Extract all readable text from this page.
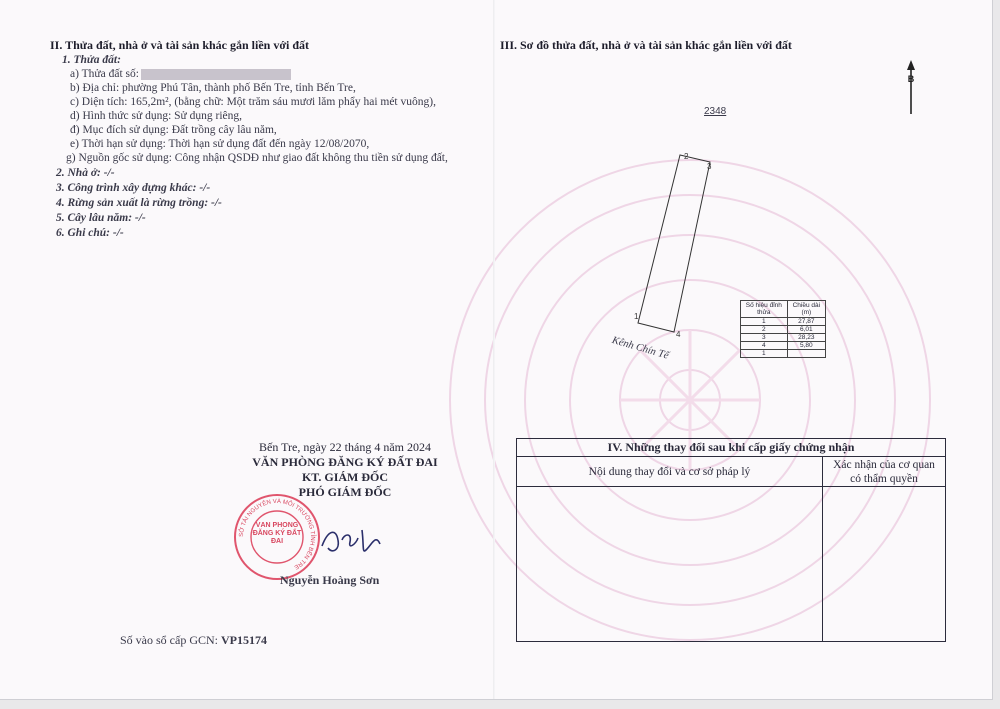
II. Thửa đất, nhà ở và tài sản khác gắn liền với đất
1. Thửa đất:
a) Thửa đất số:
b) Địa chỉ: phường Phú Tân, thành phố Bến Tre, tỉnh Bến Tre,
c) Diện tích: 165,2m², (bằng chữ: Một trăm sáu mươi lăm phẩy hai mét vuông),
d) Hình thức sử dụng: Sử dụng riêng,
đ) Mục đích sử dụng: Đất trồng cây lâu năm,
e) Thời hạn sử dụng: Thời hạn sử dụng đất đến ngày 12/08/2070,
g) Nguồn gốc sử dụng: Công nhận QSDĐ như giao đất không thu tiền sử dụng đất,
2. Nhà ở: -/-
3. Công trình xây dựng khác: -/-
4. Rừng sản xuất là rừng trồng: -/-
5. Cây lâu năm: -/-
6. Ghi chú: -/-
Bến Tre, ngày 22 tháng 4 năm 2024
VĂN PHÒNG ĐĂNG KÝ ĐẤT ĐAI
KT. GIÁM ĐỐC
PHÓ GIÁM ĐỐC
SỞ TÀI NGUYÊN VÀ MÔI TRƯỜNG TỈNH BẾN TRE
VĂN PHÒNG ĐĂNG KÝ ĐẤT ĐAI
Nguyễn Hoàng Sơn
Số vào sổ cấp GCN: VP15174
III. Sơ đồ thửa đất, nhà ở và tài sản khác gắn liền với đất
B
2348
2
3
1
4
Kênh Chín Tế
Số hiệu đỉnh thửa	Chiều dài (m)
1	27,87
2	6,01
3	28,23
4	5,80
1	
IV. Những thay đổi sau khi cấp giấy chứng nhận
Nội dung thay đổi và cơ sở pháp lý
Xác nhận của cơ quan có thẩm quyền
